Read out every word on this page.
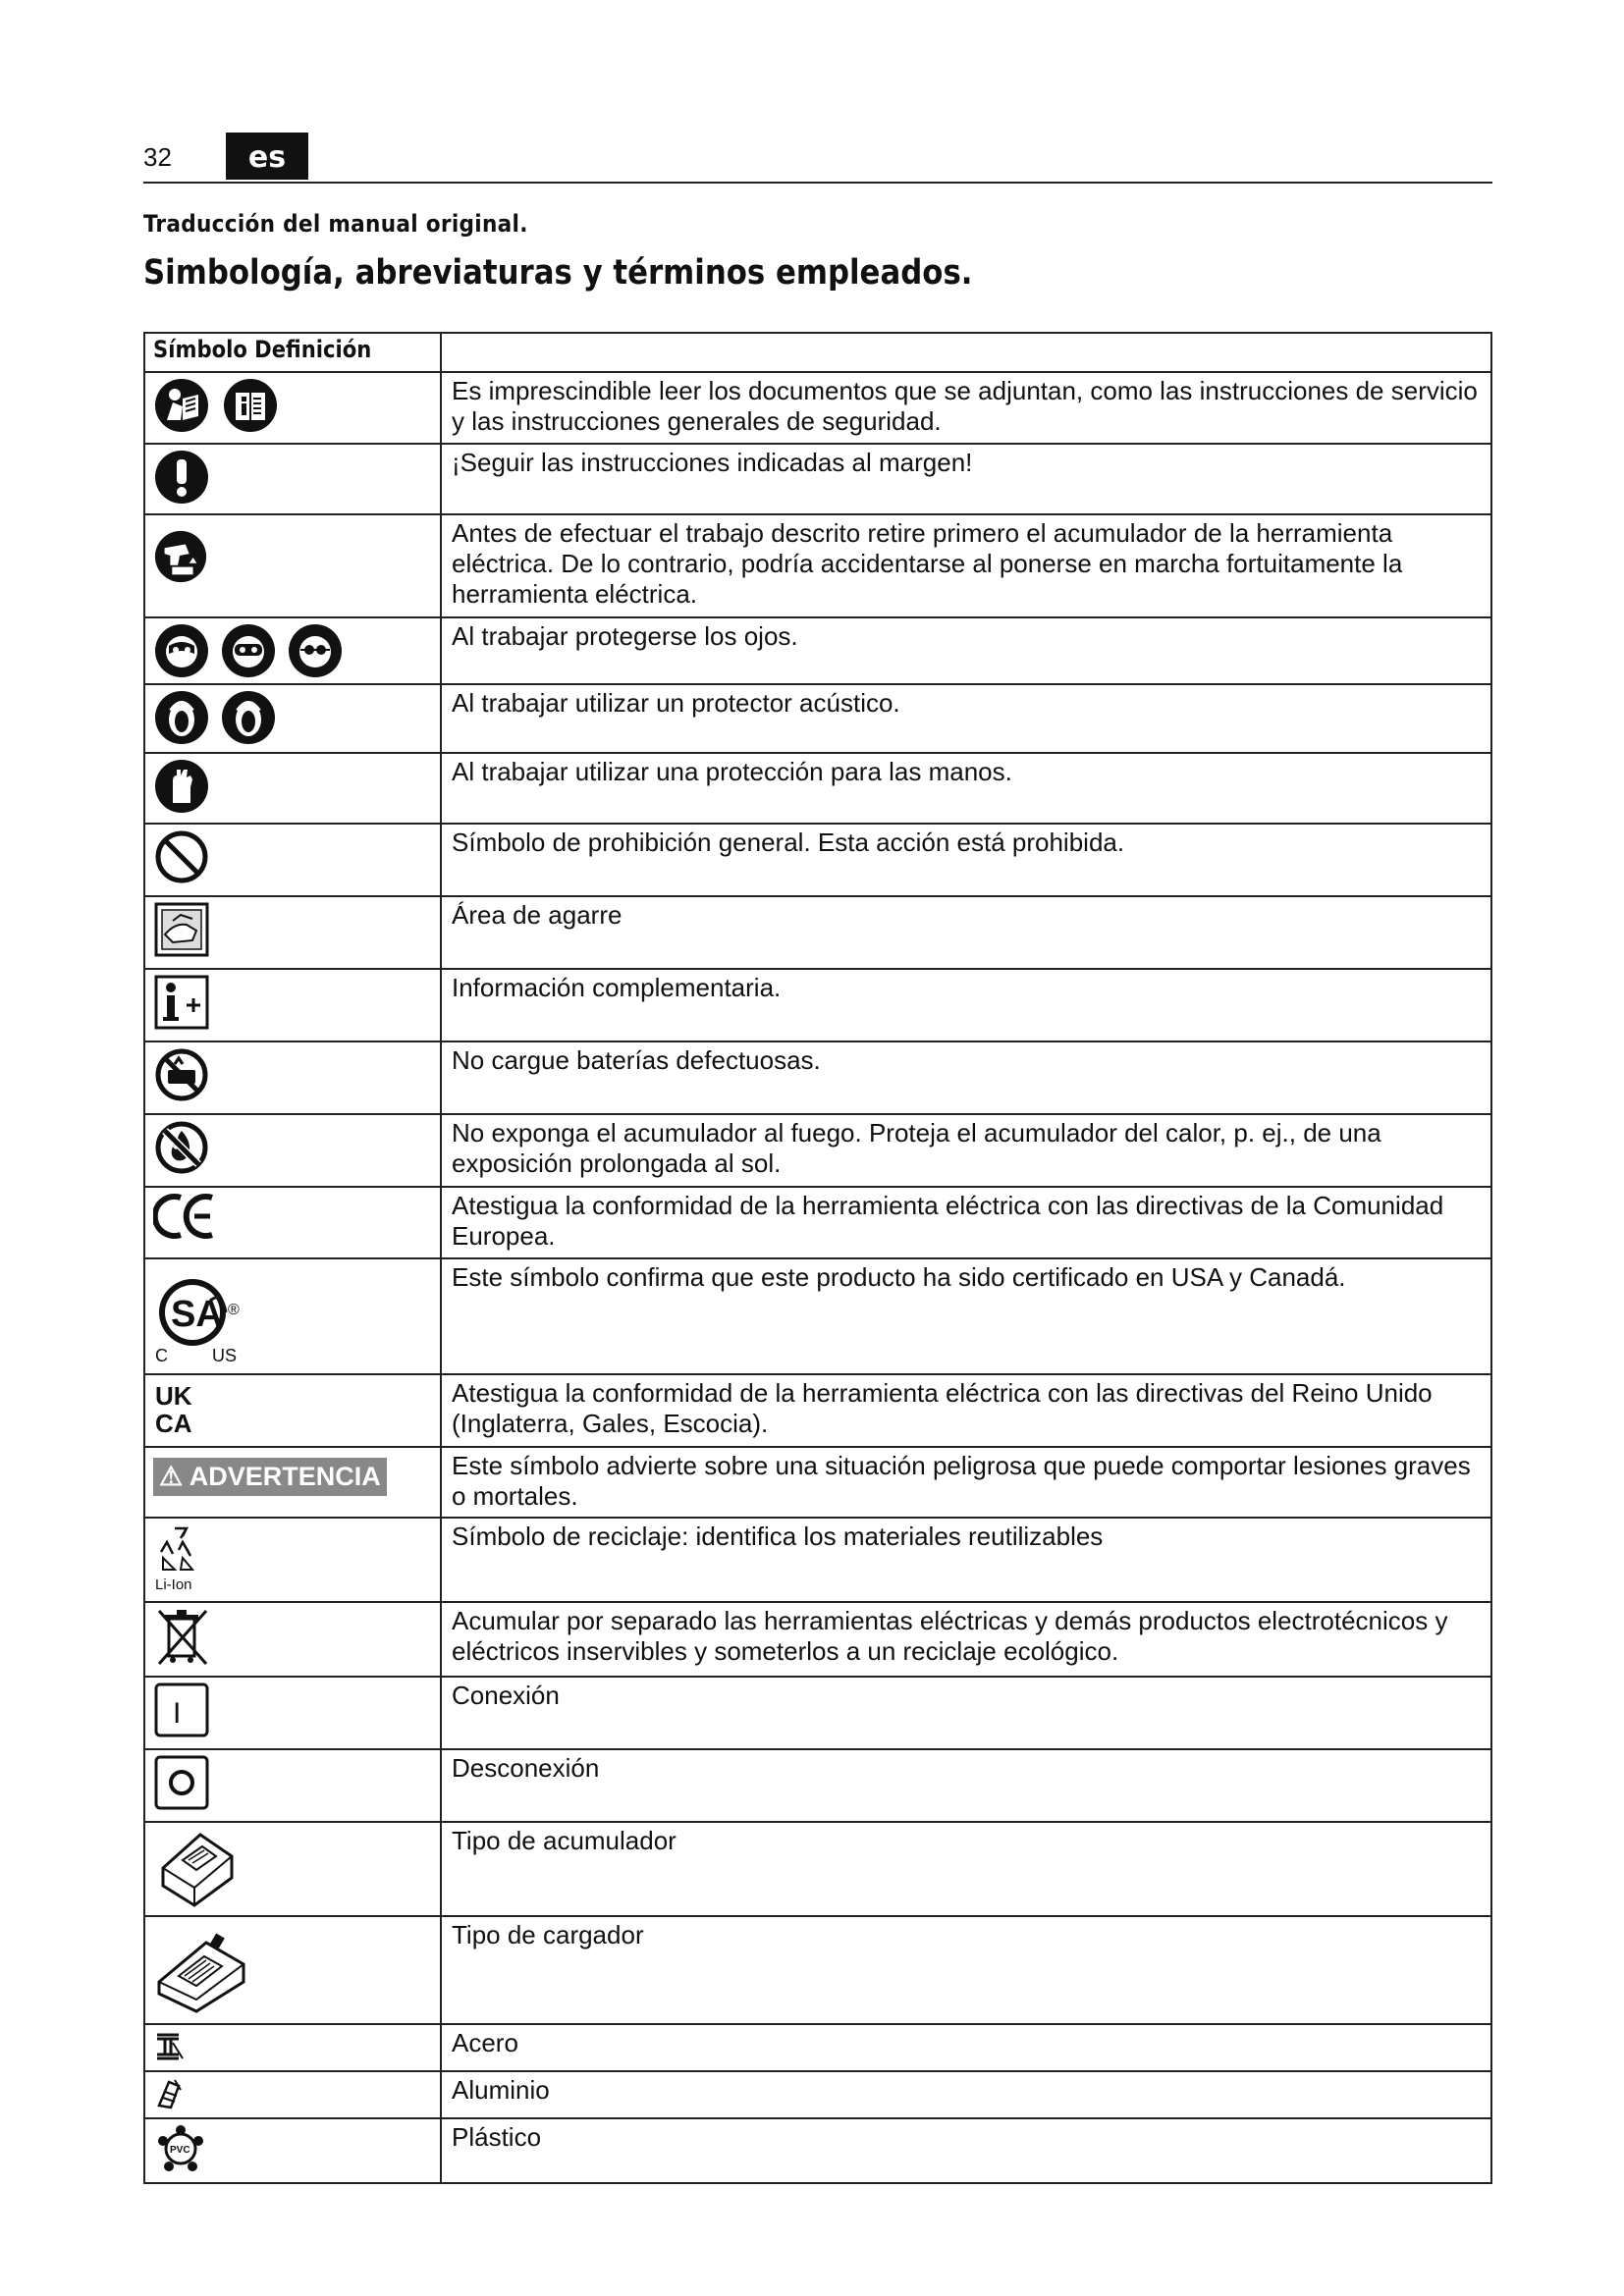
32	es
Traducción del manual original.
Simbología, abreviaturas y términos empleados.
Símbolo Definición	

	Es imprescindible leer los documentos que se adjuntan, como las instrucciones de servicio y las instrucciones generales de seguridad.
	¡Seguir las instrucciones indicadas al margen!
	Antes de efectuar el trabajo descrito retire primero el acumulador de la herramienta eléctrica. De lo contrario, podría accidentarse al ponerse en marcha fortuitamente la herramienta eléctrica.

	Al trabajar protegerse los ojos.

	Al trabajar utilizar un protector acústico.
	Al trabajar utilizar una protección para las manos.
	Símbolo de prohibición general. Esta acción está prohibida.
	Área de agarre
	Información complementaria.
	No cargue baterías defectuosas.
	No exponga el acumulador al fuego. Proteja el acumulador del calor, p. ej., de una exposición prolongada al sol.
	Atestigua la conformidad de la herramienta eléctrica con las directivas de la Comunidad Europea.

SA ®
C US	Este símbolo confirma que este producto ha sido certificado en USA y Canadá.

UK
CA	Atestigua la conformidad de la herramienta eléctrica con las directivas del Reino Unido (Inglaterra, Gales, Escocia).
⚠ ADVERTENCIA	Este símbolo advierte sobre una situación peligrosa que puede comportar lesiones graves o mortales.

Li-Ion	Símbolo de reciclaje: identifica los materiales reutilizables
	Acumular por separado las herramientas eléctricas y demás productos electrotécnicos y eléctricos inservibles y someterlos a un reciclaje ecológico.

I	Conexión
	Desconexión
	Tipo de acumulador
	Tipo de cargador
	Acero
	Aluminio

PVC	Plástico
